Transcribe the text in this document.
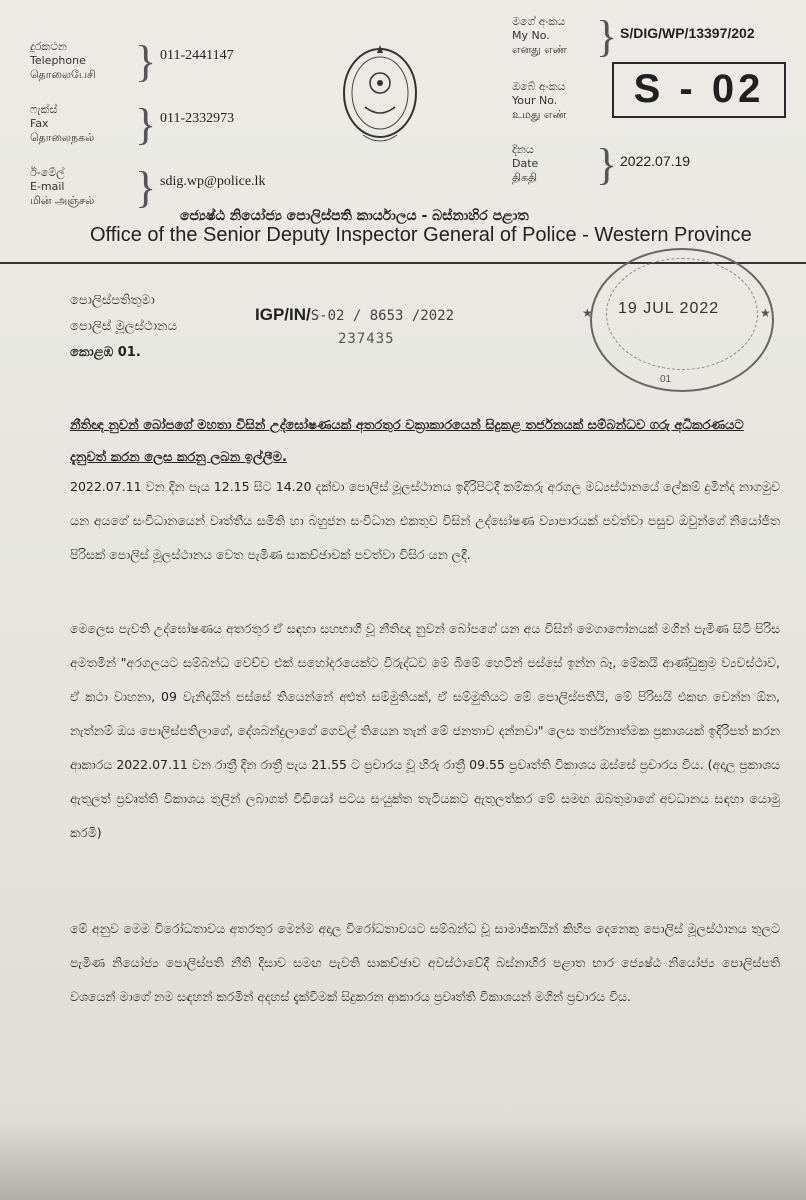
දුරකථන
Telephone
தொலைபேசி } 011-2441147
ෆැක්ස්
Fax
தொலைநகல் } 011-2332973
ඊ-මේල්
E-mail
மின் அஞ்சல் } sdig.wp@police.lk
මගේ අංකය
My No.
எனது எண் } S/DIG/WP/13397/202
ඔබේ අංකය
Your No.
உமது எண்
S - 02
දිනය
Date
திகதி	} 2022.07.19
ජ්‍යෙෂ්ඨ නියෝජ්‍ය පොලිස්පති කාර්යාලය - බස්නාහිර පළාත
Office of the Senior Deputy Inspector General of Police - Western Province
★	★
19 JUL 2022
01
පොලිස්පතිතුමා
පොලිස් මූලස්ථානය
කොළඹ 01.
IGP/IN/S-02 / 8653 /2022
237435
නීතිඥ නුවන් බෝපගේ මහතා විසින් උද්ඝෝෂණයක් අතරතුර වක්‍රාකාරයෙන් සිදුකළ තර්ජනයක් සම්බන්ධව ගරු අධිකරණයට දැනුවත් කරන ලෙස කරනු ලබන ඉල්ලීම.
2022.07.11 වන දින පැය 12.15 සිට 14.20 දක්වා පොලිස් මූලස්ථානය ඉදිරිපිටදී කම්කරු අරගල මධ්‍යස්ථානයේ ලේකම් දුමින්ද නාගමුව යන අයගේ සංවිධානයෙන් වෘත්තීය සමිති හා බහුජන සංවිධාන එකතුව විසින් උද්ඝෝෂණ ව්‍යාපාරයක් පවත්වා පසුව ඔවුන්ගේ නියෝජිත පිරිසක් පොලිස් මූලස්ථානය වෙත පැමිණ සාකච්ඡාවක් පවත්වා විසිර යන ලදී.
මෙලෙස පැවති උද්ඝෝෂණය අතරතුර ඒ සඳහා සහභාගී වූ නීතිඥ නුවන් බෝපගේ යන අය විසින් මෙගාෆෝනයක් මගින් පැමිණ සිටි පිරිස අමතමින් "අරගලයට සම්බන්ධ වෙච්ච එක් සහෝදරයෙක්ට විරුද්ධව මේ බිමේ හෙටින් පස්සේ ඉන්න බෑ, මේකයි ආණ්ඩුක්‍රම ව්‍යවස්ථාව, ඒ කථා වාහනා, 09 වැනිදායින් පස්සේ තියෙන්නේ අළුත් සම්මුතියක්, ඒ සම්මුතියට මේ පොලිස්පතියි, මේ පිරිසයි එකඟ වෙන්න ඕන, නැත්නම් ඔය පොලිස්පතිලාගේ, දේශබන්දුලාගේ ගෙවල් තියෙන තැන් මේ ජනතාව දන්නවා" ලෙස තර්ජනාත්මක ප්‍රකාශයක් ඉදිරිපත් කරන ආකාරය 2022.07.11 වන රාත්‍රී දින රාත්‍රී පැය 21.55 ට ප්‍රචාරය වූ හිරු රාත්‍රී 09.55 ප්‍රවෘත්ති විකාශය ඔස්සේ ප්‍රචාරය විය. (අදාල ප්‍රකාශය ඇතුලත් ප්‍රවෘත්ති විකාශය තුලින් ලබාගත් වීඩියෝ පටය සංයුක්ත තැටියකට ඇතුලත්කර මේ සමඟ ඔබතුමාගේ අවධානය සඳහා යොමු කරමි)
මේ අනුව මෙම විරෝධතාවය අතරතුර මෙන්ම අදාල විරෝධතාවයට සම්බන්ධ වූ සාමාජිකයින් කිහිප දෙනෙකු පොලිස් මූලස්ථානය තුලට පැමිණ නියෝජ්‍ය පොලිස්පති නීති දිසාව සමඟ පැවති සාකච්ඡාව අවස්ථාවේදී බස්නාහිර පළාත භාර ජ්‍යෙෂ්ඨ නියෝජ්‍ය පොලිස්පති වශයෙන් මාගේ නම සඳහන් කරමින් අදහස් දැක්වීමක් සිදුකරන ආකාරය ප්‍රවෘත්ති විකාශයන් මගින් ප්‍රචාරය විය.
